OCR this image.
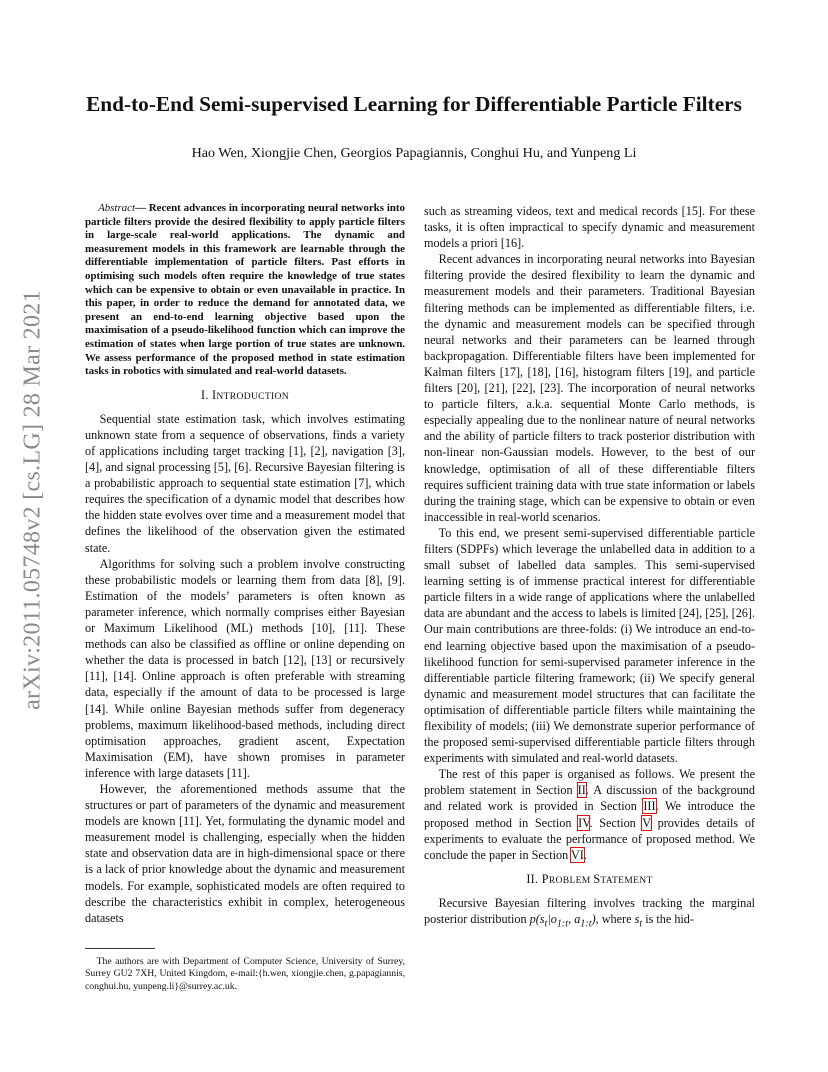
arXiv:2011.05748v2 [cs.LG] 28 Mar 2021
End-to-End Semi-supervised Learning for Differentiable Particle Filters
Hao Wen, Xiongjie Chen, Georgios Papagiannis, Conghui Hu, and Yunpeng Li

Abstract— Recent advances in incorporating neural networks into particle filters provide the desired flexibility to apply particle filters in large-scale real-world applications. The dynamic and measurement models in this framework are learnable through the differentiable implementation of particle filters. Past efforts in optimising such models often require the knowledge of true states which can be expensive to obtain or even unavailable in practice. In this paper, in order to reduce the demand for annotated data, we present an end-to-end learning objective based upon the maximisation of a pseudo-likelihood function which can improve the estimation of states when large portion of true states are unknown. We assess performance of the proposed method in state estimation tasks in robotics with simulated and real-world datasets.

I. INTRODUCTION

Sequential state estimation task, which involves estimating unknown state from a sequence of observations, finds a variety of applications including target tracking [1], [2], navigation [3], [4], and signal processing [5], [6]. Recursive Bayesian filtering is a probabilistic approach to sequential state estimation [7], which requires the specification of a dynamic model that describes how the hidden state evolves over time and a measurement model that defines the likelihood of the observation given the estimated state.

Algorithms for solving such a problem involve constructing these probabilistic models or learning them from data [8], [9]. Estimation of the models’ parameters is often known as parameter inference, which normally comprises either Bayesian or Maximum Likelihood (ML) methods [10], [11]. These methods can also be classified as offline or online depending on whether the data is processed in batch [12], [13] or recursively [11], [14]. Online approach is often preferable with streaming data, especially if the amount of data to be processed is large [14]. While online Bayesian methods suffer from degeneracy problems, maximum likelihood-based methods, including direct optimisation approaches, gradient ascent, Expectation Maximisation (EM), have shown promises in parameter inference with large datasets [11].

However, the aforementioned methods assume that the structures or part of parameters of the dynamic and measurement models are known [11]. Yet, formulating the dynamic model and measurement model is challenging, especially when the hidden state and observation data are in high-dimensional space or there is a lack of prior knowledge about the dynamic and measurement models. For example, sophisticated models are often required to describe the characteristics exhibit in complex, heterogeneous datasets

The authors are with Department of Computer Science, University of Surrey, Surrey GU2 7XH, United Kingdom, e-mail:{h.wen, xiongjie.chen, g.papagiannis, conghui.hu, yunpeng.li}@surrey.ac.uk.

such as streaming videos, text and medical records [15]. For these tasks, it is often impractical to specify dynamic and measurement models a priori [16].

Recent advances in incorporating neural networks into Bayesian filtering provide the desired flexibility to learn the dynamic and measurement models and their parameters. Traditional Bayesian filtering methods can be implemented as differentiable filters, i.e. the dynamic and measurement models can be specified through neural networks and their parameters can be learned through backpropagation. Differentiable filters have been implemented for Kalman filters [17], [18], [16], histogram filters [19], and particle filters [20], [21], [22], [23]. The incorporation of neural networks to particle filters, a.k.a. sequential Monte Carlo methods, is especially appealing due to the nonlinear nature of neural networks and the ability of particle filters to track posterior distribution with non-linear non-Gaussian models. However, to the best of our knowledge, optimisation of all of these differentiable filters requires sufficient training data with true state information or labels during the training stage, which can be expensive to obtain or even inaccessible in real-world scenarios.

To this end, we present semi-supervised differentiable particle filters (SDPFs) which leverage the unlabelled data in addition to a small subset of labelled data samples. This semi-supervised learning setting is of immense practical interest for differentiable particle filters in a wide range of applications where the unlabelled data are abundant and the access to labels is limited [24], [25], [26]. Our main contributions are three-folds: (i) We introduce an end-to-end learning objective based upon the maximisation of a pseudo-likelihood function for semi-supervised parameter inference in the differentiable particle filtering framework; (ii) We specify general dynamic and measurement model structures that can facilitate the optimisation of differentiable particle filters while maintaining the flexibility of models; (iii) We demonstrate superior performance of the proposed semi-supervised differentiable particle filters through experiments with simulated and real-world datasets.

The rest of this paper is organised as follows. We present the problem statement in Section II. A discussion of the background and related work is provided in Section III. We introduce the proposed method in Section IV. Section V provides details of experiments to evaluate the performance of proposed method. We conclude the paper in Section VI.

II. PROBLEM STATEMENT

Recursive Bayesian filtering involves tracking the marginal posterior distribution $p(s_t|o_{1:t}$, $a_{1:t}$), where $s_t$ is the hid-
